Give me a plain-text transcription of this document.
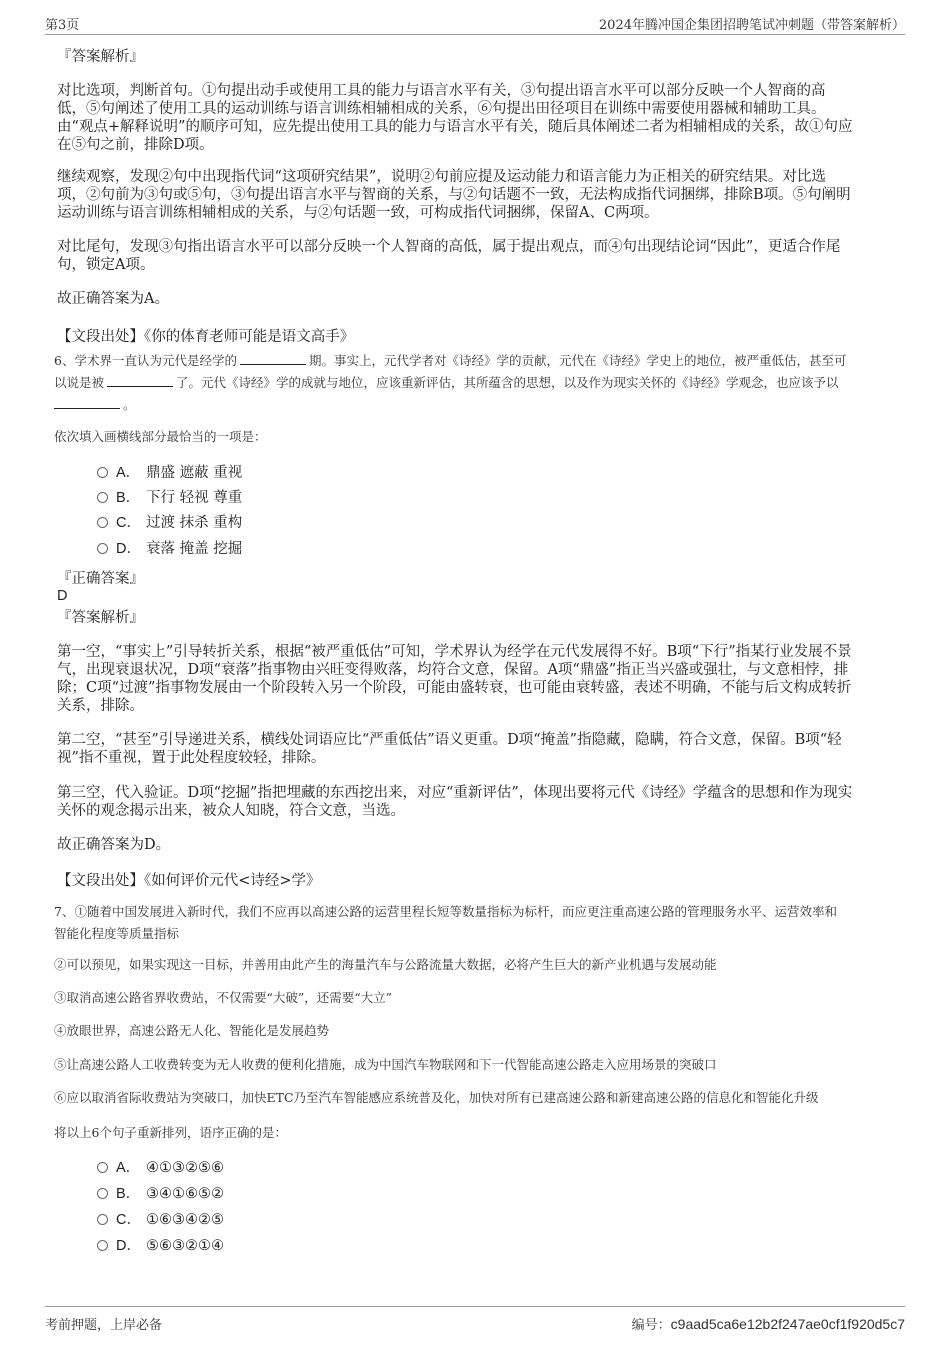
第3页	2024年腾冲国企集团招聘笔试冲刺题（带答案解析）
『答案解析』
对比选项，判断首句。①句提出动手或使用工具的能力与语言水平有关，③句提出语言水平可以部分反映一个人智商的高
低，⑤句阐述了使用工具的运动训练与语言训练相辅相成的关系，⑥句提出田径项目在训练中需要使用器械和辅助工具。
由“观点+解释说明”的顺序可知，应先提出使用工具的能力与语言水平有关，随后具体阐述二者为相辅相成的关系，故①句应
在⑤句之前，排除D项。
继续观察，发现②句中出现指代词“这项研究结果”，说明②句前应提及运动能力和语言能力为正相关的研究结果。对比选
项，②句前为③句或⑤句，③句提出语言水平与智商的关系，与②句话题不一致，无法构成指代词捆绑，排除B项。⑤句阐明
运动训练与语言训练相辅相成的关系，与②句话题一致，可构成指代词捆绑，保留A、C两项。
对比尾句，发现③句指出语言水平可以部分反映一个人智商的高低，属于提出观点，而④句出现结论词“因此”，更适合作尾
句，锁定A项。
故正确答案为A。
【文段出处】《你的体育老师可能是语文高手》
6、学术界一直认为元代是经学的	期。事实上，元代学者对《诗经》学的贡献，元代在《诗经》学史上的地位，被严重低估，甚至可
以说是被	了。元代《诗经》学的成就与地位，应该重新评估，其所蕴含的思想，以及作为现实关怀的《诗经》学观念，也应该予以
。
依次填入画横线部分最恰当的一项是：
A． 鼎盛 遮蔽 重视
B． 下行 轻视 尊重
C． 过渡 抹杀 重构
D． 衰落 掩盖 挖掘
『正确答案』
D
『答案解析』
第一空，“事实上”引导转折关系，根据“被严重低估”可知，学术界认为经学在元代发展得不好。B项“下行”指某行业发展不景
气，出现衰退状况，D项“衰落”指事物由兴旺变得败落，均符合文意，保留。A项“鼎盛”指正当兴盛或强壮，与文意相悖，排
除；C项“过渡”指事物发展由一个阶段转入另一个阶段，可能由盛转衰，也可能由衰转盛，表述不明确，不能与后文构成转折
关系，排除。
第二空，“甚至”引导递进关系，横线处词语应比“严重低估”语义更重。D项“掩盖”指隐藏，隐瞒，符合文意，保留。B项“轻
视”指不重视，置于此处程度较轻，排除。
第三空，代入验证。D项“挖掘”指把埋藏的东西挖出来，对应“重新评估”，体现出要将元代《诗经》学蕴含的思想和作为现实
关怀的观念揭示出来，被众人知晓，符合文意，当选。
故正确答案为D。
【文段出处】《如何评价元代<诗经>学》
7、①随着中国发展进入新时代，我们不应再以高速公路的运营里程长短等数量指标为标杆，而应更注重高速公路的管理服务水平、运营效率和
智能化程度等质量指标
②可以预见，如果实现这一目标，并善用由此产生的海量汽车与公路流量大数据，必将产生巨大的新产业机遇与发展动能
③取消高速公路省界收费站，不仅需要“大破”，还需要“大立”
④放眼世界，高速公路无人化、智能化是发展趋势
⑤让高速公路人工收费转变为无人收费的便利化措施，成为中国汽车物联网和下一代智能高速公路走入应用场景的突破口
⑥应以取消省际收费站为突破口，加快ETC乃至汽车智能感应系统普及化，加快对所有已建高速公路和新建高速公路的信息化和智能化升级
将以上6个句子重新排列，语序正确的是：
A． ④①③②⑤⑥
B． ③④①⑥⑤②
C． ①⑥③④②⑤
D． ⑤⑥③②①④
考前押题，上岸必备	编号：c9aad5ca6e12b2f247ae0cf1f920d5c7
